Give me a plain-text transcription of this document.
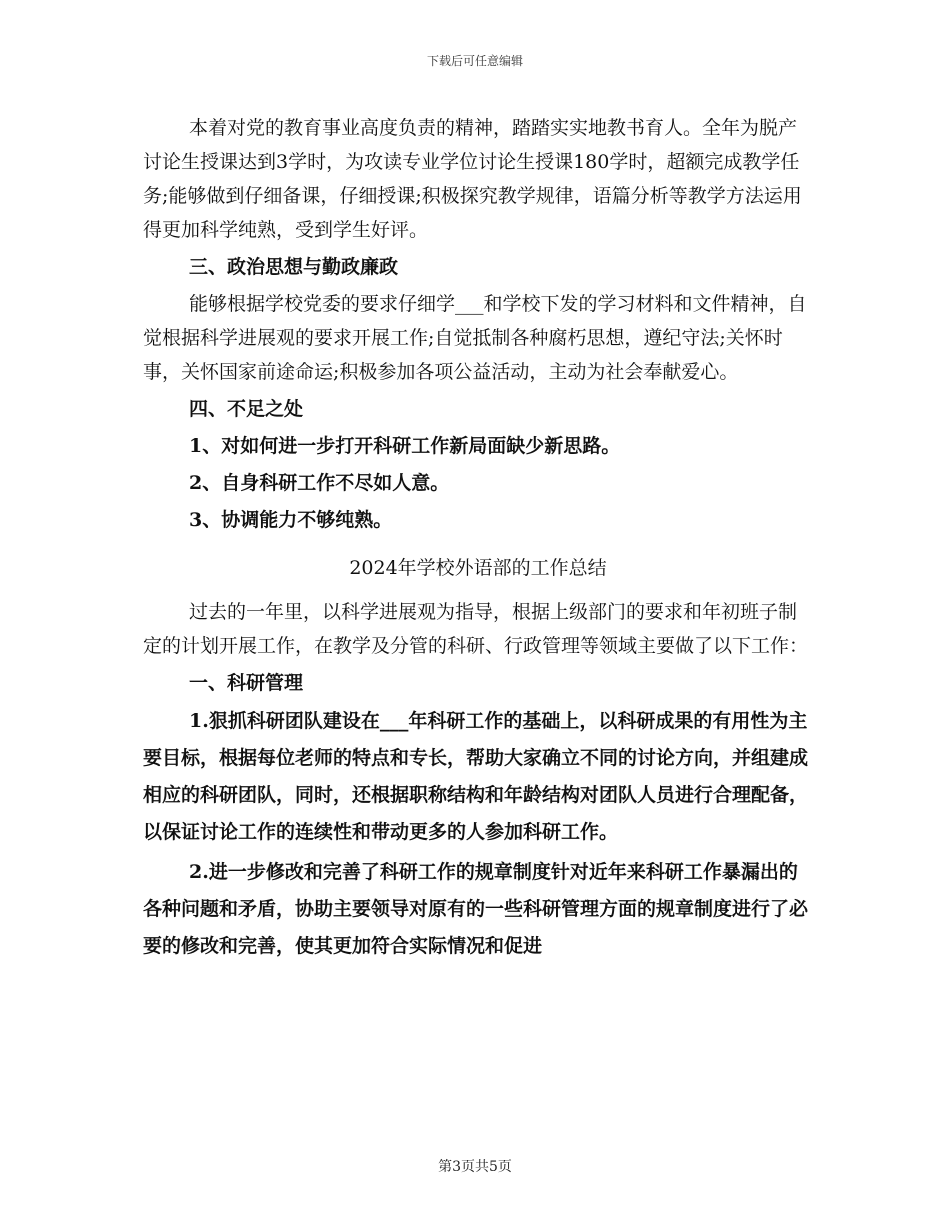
下载后可任意编辑

本着对党的教育事业高度负责的精神，踏踏实实地教书育人。全年为脱产讨论生授课达到3学时，为攻读专业学位讨论生授课180学时，超额完成教学任务;能够做到仔细备课，仔细授课;积极探究教学规律，语篇分析等教学方法运用得更加科学纯熟，受到学生好评。

三、政治思想与勤政廉政

能够根据学校党委的要求仔细学___和学校下发的学习材料和文件精神，自觉根据科学进展观的要求开展工作;自觉抵制各种腐朽思想，遵纪守法;关怀时事，关怀国家前途命运;积极参加各项公益活动，主动为社会奉献爱心。

四、不足之处

1、对如何进一步打开科研工作新局面缺少新思路。

2、自身科研工作不尽如人意。

3、协调能力不够纯熟。

2024年学校外语部的工作总结

过去的一年里，以科学进展观为指导，根据上级部门的要求和年初班子制定的计划开展工作，在教学及分管的科研、行政管理等领域主要做了以下工作：

一、科研管理

1.狠抓科研团队建设在___年科研工作的基础上，以科研成果的有用性为主要目标，根据每位老师的特点和专长，帮助大家确立不同的讨论方向，并组建成相应的科研团队，同时，还根据职称结构和年龄结构对团队人员进行合理配备，以保证讨论工作的连续性和带动更多的人参加科研工作。

2.进一步修改和完善了科研工作的规章制度针对近年来科研工作暴漏出的各种问题和矛盾，协助主要领导对原有的一些科研管理方面的规章制度进行了必要的修改和完善，使其更加符合实际情况和促进

第3页共5页
